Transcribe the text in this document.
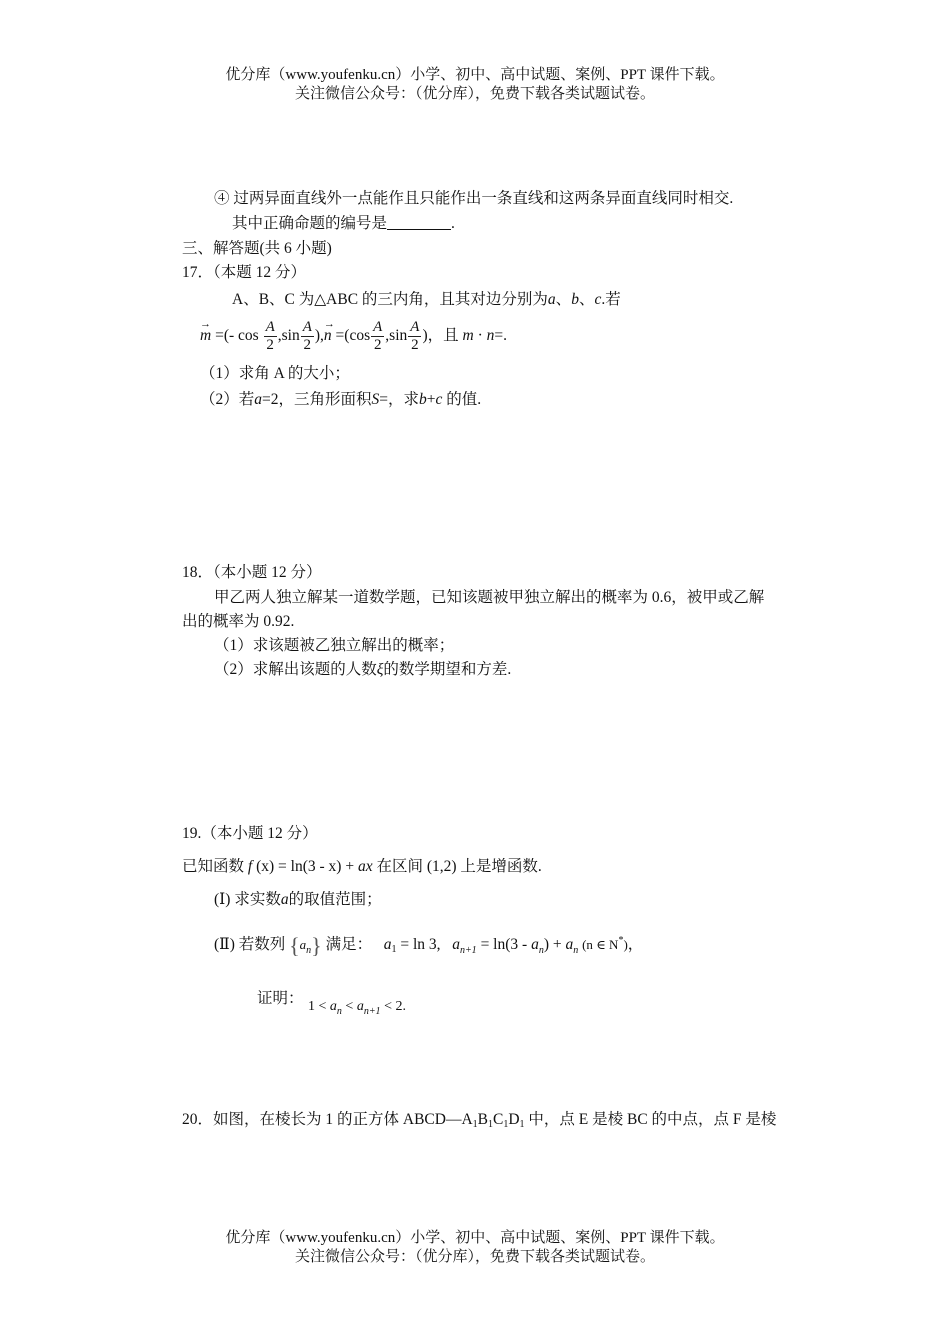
优分库（www.youfenku.cn）小学、初中、高中试题、案例、PPT 课件下载。
关注微信公众号：（优分库），免费下载各类试题试卷。
④ 过两异面直线外一点能作且只能作出一条直线和这两条异面直线同时相交.
其中正确命题的编号是	.
三、解答题(共 6 小题)
17．（本题 12 分）
A、B、C 为△ABC 的三内角，且其对边分别为a、b、c.若
→ m =(- $\cos \frac{A}{2} ,\sin \frac{A}{2}$ ),→ $n =(\cos \frac{A}{2} ,\sin \frac{A}{2}$ )，且 m · n=.
（1）求角 A 的大小；
（2）若a=2，三角形面积S=，求b+c 的值.
18．（本小题 12 分）
甲乙两人独立解某一道数学题，已知该题被甲独立解出的概率为 0.6，被甲或乙解
出的概率为 0.92.
（1）求该题被乙独立解出的概率；
（2）求解出该题的人数ξ的数学期望和方差.
19.（本小题 12 分）
已知函数 f (x) = ln(3 - x) + ax 在区间 (1,2) 上是增函数.
(Ⅰ) 求实数a的取值范围；
(Ⅱ) 若数列 $\{a_n\}$ 满足： $a_1 = \ln 3$, $a_{n+1} = \ln(3 - a_n) + a_n$ (n ∈ N*)，
证明： $1 < a_n < a_{n+1} < 2$.
20．如图，在棱长为 1 的正方体 $ABCD—A_1B_1C_1D_1$ 中，点 E 是棱 BC 的中点，点 F 是棱
优分库（www.youfenku.cn）小学、初中、高中试题、案例、PPT 课件下载。
关注微信公众号：（优分库），免费下载各类试题试卷。
